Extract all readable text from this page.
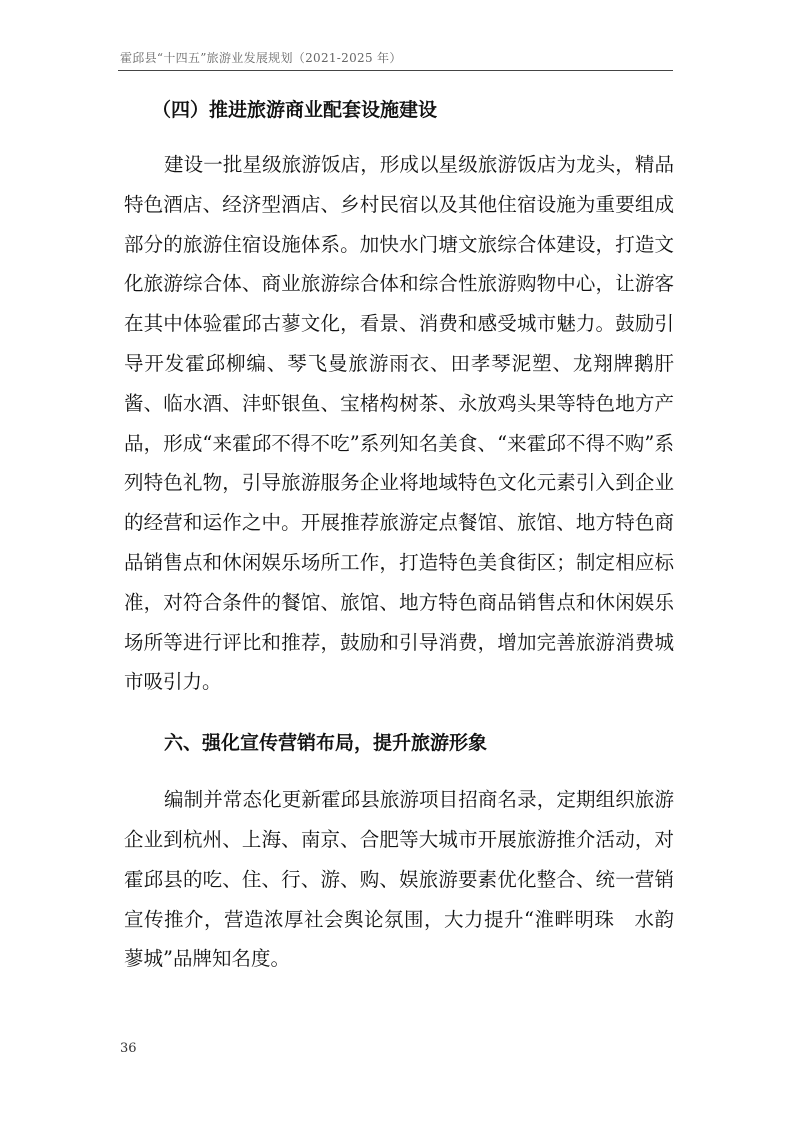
霍邱县“十四五”旅游业发展规划（2021-2025 年）
（四）推进旅游商业配套设施建设

建设一批星级旅游饭店，形成以星级旅游饭店为龙头，精品特色酒店、经济型酒店、乡村民宿以及其他住宿设施为重要组成部分的旅游住宿设施体系。加快水门塘文旅综合体建设，打造文化旅游综合体、商业旅游综合体和综合性旅游购物中心，让游客在其中体验霍邱古蓼文化，看景、消费和感受城市魅力。鼓励引导开发霍邱柳编、琴飞曼旅游雨衣、田孝琴泥塑、龙翔牌鹅肝酱、临水酒、沣虾银鱼、宝楮构树茶、永放鸡头果等特色地方产品，形成“来霍邱不得不吃”系列知名美食、“来霍邱不得不购”系列特色礼物，引导旅游服务企业将地域特色文化元素引入到企业的经营和运作之中。开展推荐旅游定点餐馆、旅馆、地方特色商品销售点和休闲娱乐场所工作，打造特色美食街区；制定相应标准，对符合条件的餐馆、旅馆、地方特色商品销售点和休闲娱乐场所等进行评比和推荐，鼓励和引导消费，增加完善旅游消费城市吸引力。

六、强化宣传营销布局，提升旅游形象

编制并常态化更新霍邱县旅游项目招商名录，定期组织旅游企业到杭州、上海、南京、合肥等大城市开展旅游推介活动，对霍邱县的吃、住、行、游、购、娱旅游要素优化整合、统一营销宣传推介，营造浓厚社会舆论氛围，大力提升“淮畔明珠　水韵蓼城”品牌知名度。

36
